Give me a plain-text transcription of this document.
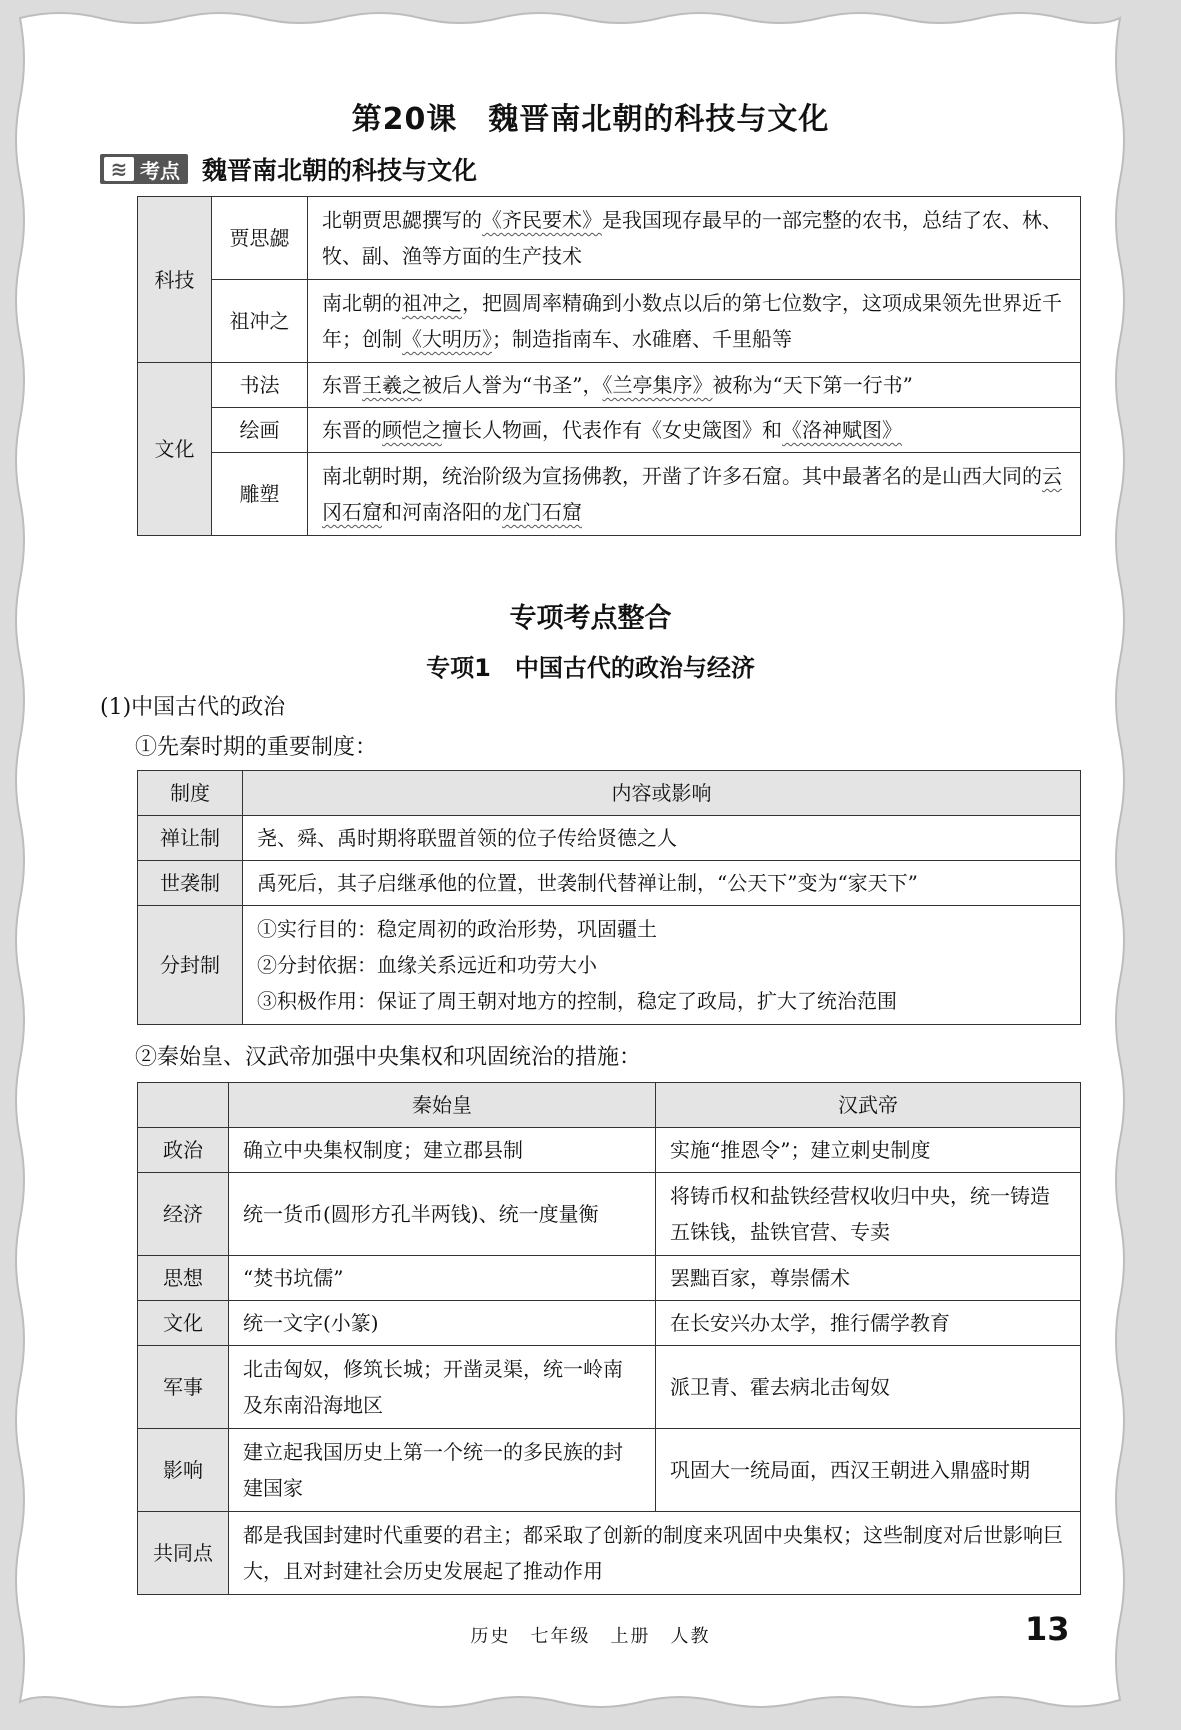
第20课　魏晋南北朝的科技与文化
≋ 考点 魏晋南北朝的科技与文化
科技	贾思勰	北朝贾思勰撰写的《齐民要术》是我国现存最早的一部完整的农书，总结了农、林、牧、副、渔等方面的生产技术
	祖冲之	南北朝的祖冲之，把圆周率精确到小数点以后的第七位数字，这项成果领先世界近千年；创制《大明历》；制造指南车、水碓磨、千里船等
文化	书法	东晋王羲之被后人誉为“书圣”，《兰亭集序》被称为“天下第一行书”
	绘画	东晋的顾恺之擅长人物画，代表作有《女史箴图》和《洛神赋图》
	雕塑	南北朝时期，统治阶级为宣扬佛教，开凿了许多石窟。其中最著名的是山西大同的云冈石窟和河南洛阳的龙门石窟
专项考点整合
专项1　中国古代的政治与经济
(1)中国古代的政治
①先秦时期的重要制度：
制度	内容或影响
禅让制	尧、舜、禹时期将联盟首领的位子传给贤德之人
世袭制	禹死后，其子启继承他的位置，世袭制代替禅让制，“公天下”变为“家天下”
分封制	①实行目的：稳定周初的政治形势，巩固疆土
②分封依据：血缘关系远近和功劳大小
③积极作用：保证了周王朝对地方的控制，稳定了政局，扩大了统治范围
②秦始皇、汉武帝加强中央集权和巩固统治的措施：
	秦始皇	汉武帝
政治	确立中央集权制度；建立郡县制	实施“推恩令”；建立刺史制度
经济	统一货币(圆形方孔半两钱)、统一度量衡	将铸币权和盐铁经营权收归中央，统一铸造五铢钱，盐铁官营、专卖
思想	“焚书坑儒”	罢黜百家，尊崇儒术
文化	统一文字(小篆)	在长安兴办太学，推行儒学教育
军事	北击匈奴，修筑长城；开凿灵渠，统一岭南及东南沿海地区	派卫青、霍去病北击匈奴
影响	建立起我国历史上第一个统一的多民族的封建国家	巩固大一统局面，西汉王朝进入鼎盛时期
共同点	都是我国封建时代重要的君主；都采取了创新的制度来巩固中央集权；这些制度对后世影响巨大，且对封建社会历史发展起了推动作用	
历史　七年级　上册　人教	13
